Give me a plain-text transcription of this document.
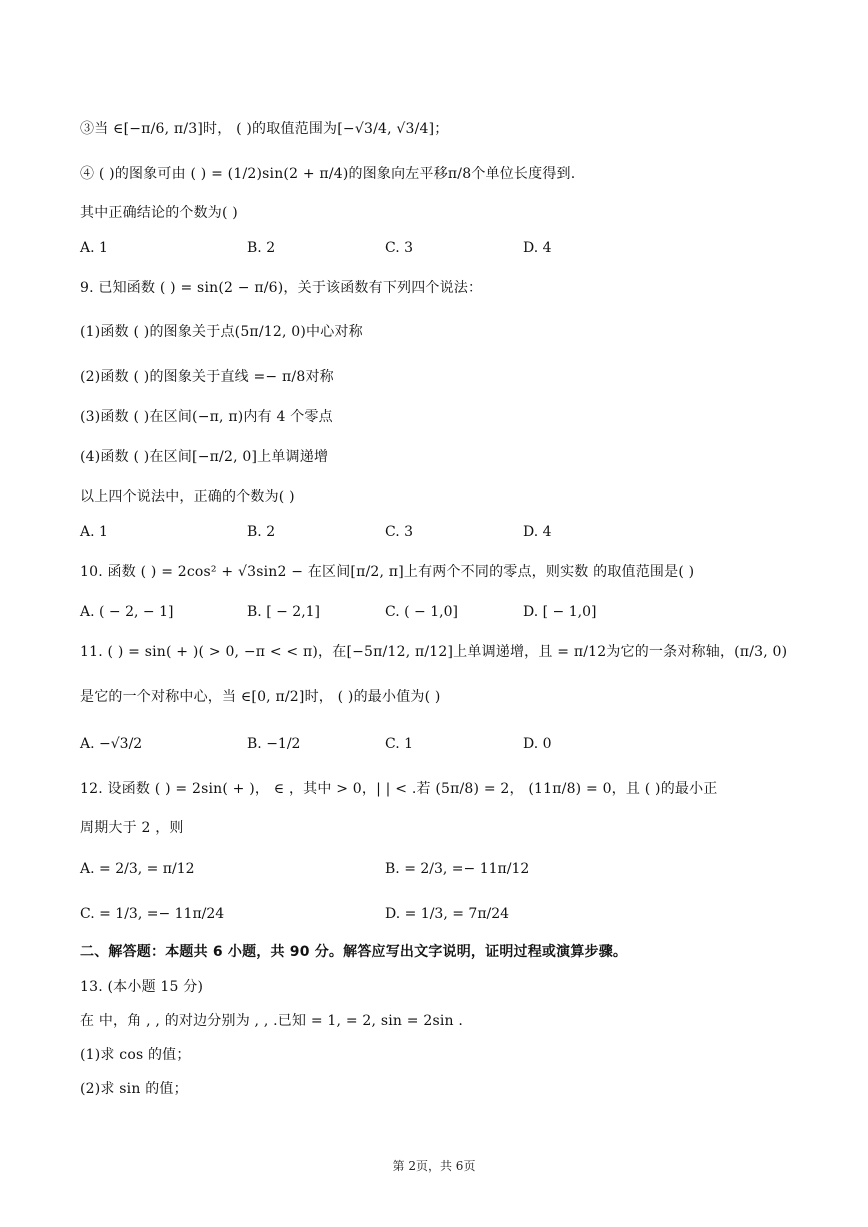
③当 ∈[−π/6, π/3]时， ( )的取值范围为[−√3/4, √3/4]；
④ ( )的图象可由 ( ) = (1/2)sin(2 + π/4)的图象向左平移π/8个单位长度得到.
其中正确结论的个数为( )
A. 1	B. 2	C. 3	D. 4
9. 已知函数 ( ) = sin(2 − π/6)，关于该函数有下列四个说法：
(1)函数 ( )的图象关于点(5π/12, 0)中心对称
(2)函数 ( )的图象关于直线 =− π/8对称
(3)函数 ( )在区间(−π, π)内有 4 个零点
(4)函数 ( )在区间[−π/2, 0]上单调递增
以上四个说法中，正确的个数为( )
A. 1	B. 2	C. 3	D. 4
10. 函数 ( ) = 2cos² + √3sin2 − 在区间[π/2, π]上有两个不同的零点，则实数 的取值范围是( )
A. ( − 2, − 1]	B. [ − 2,1]	C. ( − 1,0]	D. [ − 1,0]
11. ( ) = sin( + )( > 0, −π < < π)，在[−5π/12, π/12]上单调递增，且 = π/12为它的一条对称轴，(π/3, 0)
是它的一个对称中心，当 ∈[0, π/2]时， ( )的最小值为( )
A. −√3/2	B. −1/2	C. 1	D. 0
12. 设函数 ( ) = 2sin( + )， ∈ ，其中 > 0，| | < .若 (5π/8) = 2， (11π/8) = 0，且 ( )的最小正
周期大于 2 ，则
A. = 2/3, = π/12	B. = 2/3, =− 11π/12
C. = 1/3, =− 11π/24	D. = 1/3, = 7π/24
二、解答题：本题共 6 小题，共 90 分。解答应写出文字说明，证明过程或演算步骤。
13. (本小题 15 分)
在 中，角 , , 的对边分别为 , , .已知 = 1, = 2, sin = 2sin .
(1)求 cos 的值；
(2)求 sin 的值；
第 2页，共 6页
